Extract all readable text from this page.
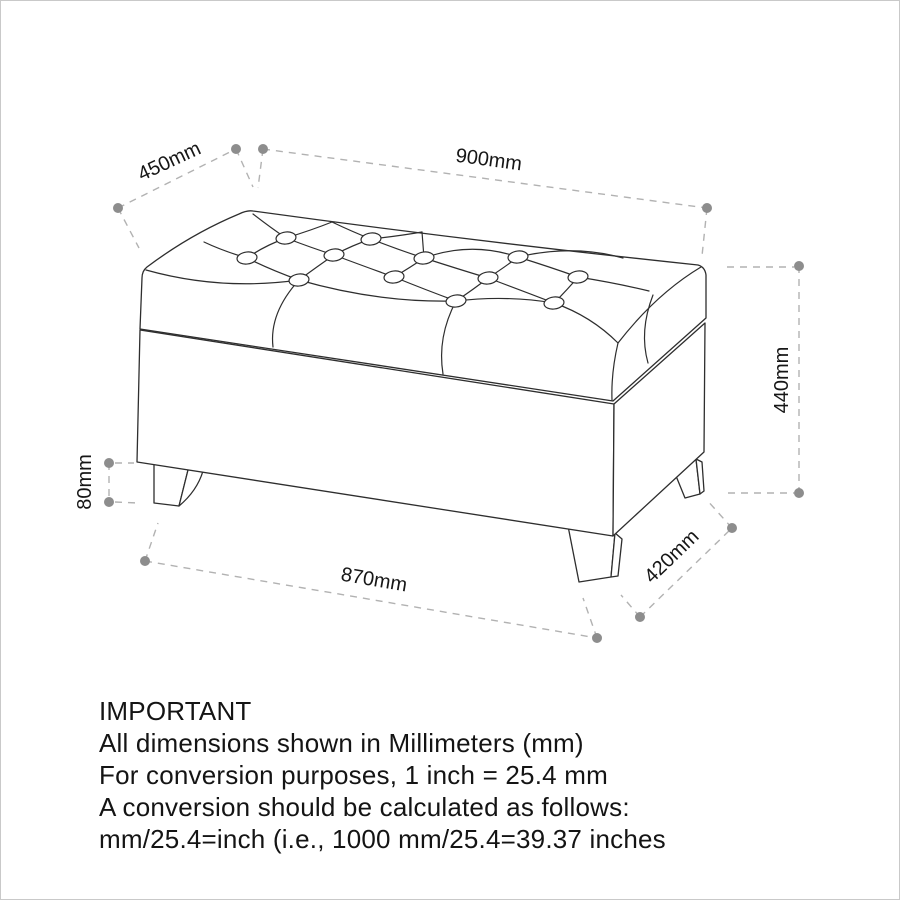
450mm	900mm
440mm
80mm
870mm	420mm
IMPORTANT
All dimensions shown in Millimeters (mm)
For conversion purposes, 1 inch = 25.4 mm
A conversion should be calculated as follows:
mm/25.4=inch (i.e., 1000 mm/25.4=39.37 inches
